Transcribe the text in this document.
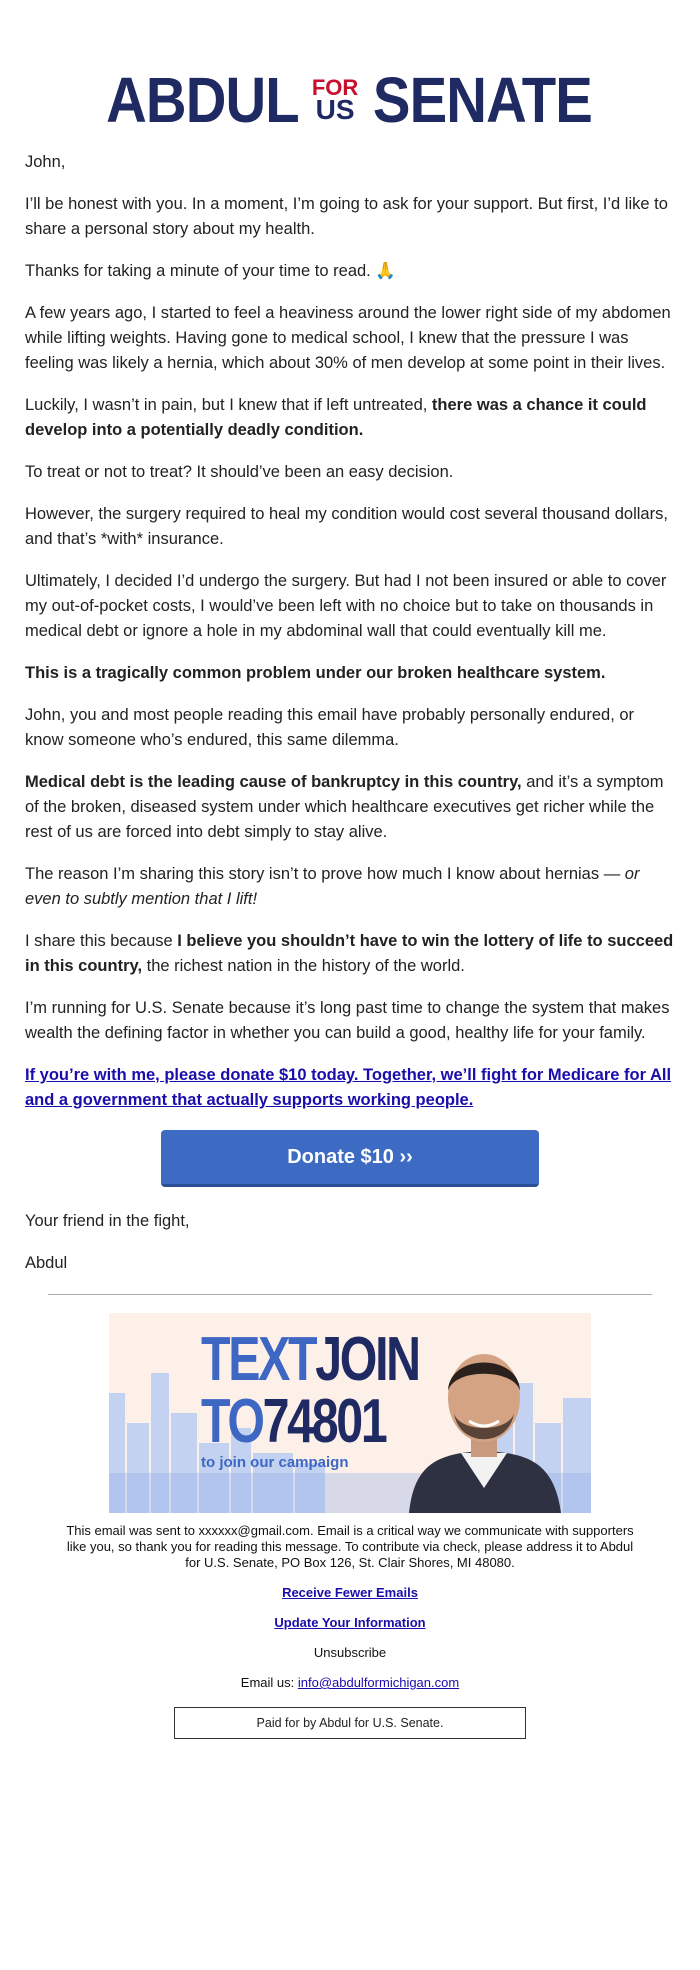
ABDUL FOR
US SENATE

John,

I’ll be honest with you. In a moment, I’m going to ask for your support. But first, I’d like to share a personal story about my health.

Thanks for taking a minute of your time to read. 🙏

A few years ago, I started to feel a heaviness around the lower right side of my abdomen while lifting weights. Having gone to medical school, I knew that the pressure I was feeling was likely a hernia, which about 30% of men develop at some point in their lives.

Luckily, I wasn’t in pain, but I knew that if left untreated, there was a chance it could develop into a potentially deadly condition.

To treat or not to treat? It should’ve been an easy decision.

However, the surgery required to heal my condition would cost several thousand dollars, and that’s *with* insurance.

Ultimately, I decided I’d undergo the surgery. But had I not been insured or able to cover my out-of-pocket costs, I would’ve been left with no choice but to take on thousands in medical debt or ignore a hole in my abdominal wall that could eventually kill me.

This is a tragically common problem under our broken healthcare system.

John, you and most people reading this email have probably personally endured, or know someone who’s endured, this same dilemma.

Medical debt is the leading cause of bankruptcy in this country, and it’s a symptom of the broken, diseased system under which healthcare executives get richer while the rest of us are forced into debt simply to stay alive.

The reason I’m sharing this story isn’t to prove how much I know about hernias — or even to subtly mention that I lift!

I share this because I believe you shouldn’t have to win the lottery of life to succeed in this country, the richest nation in the history of the world.

I’m running for U.S. Senate because it’s long past time to change the system that makes wealth the defining factor in whether you can build a good, healthy life for your family.

If you’re with me, please donate $10 today. Together, we’ll fight for Medicare for All and a government that actually supports working people.

Donate $10 ››

Your friend in the fight,

Abdul

TEXTJOIN
TO74801
to join our campaign
This email was sent to xxxxxx@gmail.com. Email is a critical way we communicate with supporters like you, so thank you for reading this message. To contribute via check, please address it to Abdul for U.S. Senate, PO Box 126, St. Clair Shores, MI 48080.
Receive Fewer Emails
Update Your Information
Unsubscribe
Email us: info@abdulformichigan.com
Paid for by Abdul for U.S. Senate.
